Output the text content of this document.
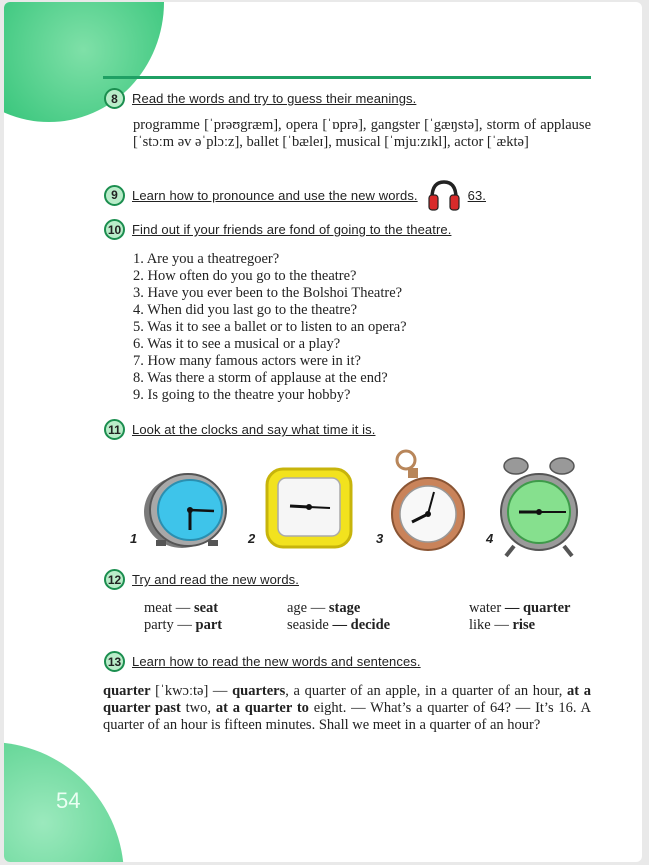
54
8	Read the words and try to guess their meanings.
programme [ˈprəʊgræm], opera [ˈɒprə], gangster [ˈgæŋstə], storm of applause [ˈstɔːm əv əˈplɔːz], ballet [ˈbæleɪ], musical [ˈmjuːzɪkl], actor [ˈæktə]
9	Learn how to pronounce and use the new words.	63.
10 Find out if your friends are fond of going to the theatre.
1. Are you a theatregoer?
2. How often do you go to the theatre?
3. Have you ever been to the Bolshoi Theatre?
4. When did you last go to the theatre?
5. Was it to see a ballet or to listen to an opera?
6. Was it to see a musical or a play?
7. How many famous actors were in it?
8. Was there a storm of applause at the end?
9. Is going to the theatre your hobby?
11 Look at the clocks and say what time it is.
1	2	3	4
12 Try and read the new words.
meat — seat	age — stage	water — quarter
party — part	seaside — decide	like — rise
13 Learn how to read the new words and sentences.
quarter [ˈkwɔːtə] — quarters, a quarter of an apple, in a quarter of an hour, at a quarter past two, at a quarter to eight. — What’s a quarter of 64? — It’s 16. A quarter of an hour is fifteen minutes. Shall we meet in a quarter of an hour?
